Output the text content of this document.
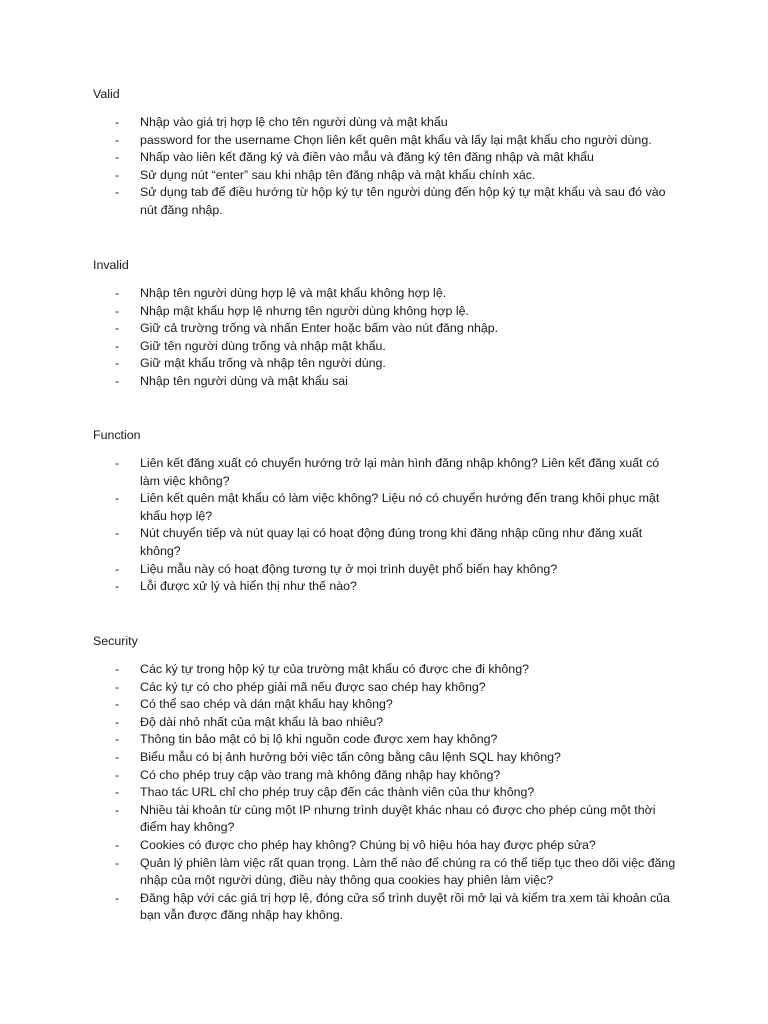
Valid
- Nhập vào giá trị hợp lệ cho tên người dùng và mật khẩu
- password for the username Chọn liên kết quên mật khẩu và lấy lại mật khẩu cho người dùng.
- Nhấp vào liên kết đăng ký và điền vào mẫu và đăng ký tên đăng nhập và mật khẩu
- Sử dụng nút “enter” sau khi nhập tên đăng nhập và mật khẩu chính xác.
- Sử dụng tab để điều hướng từ hộp ký tự tên người dùng đến hộp ký tự mật khẩu và sau đó vào nút đăng nhập.
Invalid
- Nhập tên người dùng hợp lệ và mật khẩu không hợp lệ.
- Nhập mật khẩu hợp lệ nhưng tên người dùng không hợp lệ.
- Giữ cả trường trống và nhấn Enter hoặc bấm vào nút đăng nhập.
- Giữ tên người dùng trống và nhập mật khẩu.
- Giữ mật khẩu trống và nhập tên người dùng.
- Nhập tên người dùng và mật khẩu sai
Function
- Liên kết đăng xuất có chuyển hướng trở lại màn hình đăng nhập không? Liên kết đăng xuất có làm việc không?
- Liên kết quên mật khẩu có làm việc không? Liệu nó có chuyển hướng đến trang khôi phục mật khẩu hợp lệ?
- Nút chuyển tiếp và nút quay lại có hoạt động đúng trong khi đăng nhập cũng như đăng xuất không?
- Liệu mẫu này có hoạt động tương tự ở mọi trình duyệt phổ biến hay không?
- Lỗi được xử lý và hiển thị như thế nào?
Security
- Các ký tự trong hộp ký tự của trường mật khẩu có được che đi không?
- Các ký tự có cho phép giải mã nếu được sao chép hay không?
- Có thể sao chép và dán mật khẩu hay không?
- Độ dài nhỏ nhất của mật khẩu là bao nhiêu?
- Thông tin bảo mật có bị lộ khi nguồn code được xem hay không?
- Biểu mẫu có bị ảnh hưởng bởi việc tấn công bằng câu lệnh SQL hay không?
- Có cho phép truy cập vào trang mà không đăng nhập hay không?
- Thao tác URL chỉ cho phép truy cập đến các thành viên của thư không?
- Nhiều tài khoản từ cùng một IP nhưng trình duyệt khác nhau có được cho phép cùng một thời điểm hay không?
- Cookies có được cho phép hay không? Chúng bị vô hiệu hóa hay được phép sửa?
- Quản lý phiên làm việc rất quan trọng. Làm thế nào để chúng ra có thể tiếp tục theo dõi việc đăng nhập của một người dùng, điều này thông qua cookies hay phiên làm việc?
- Đăng hập với các giá trị hợp lệ, đóng cửa sổ trình duyệt rồi mở lại và kiểm tra xem tài khoản của bạn vẫn được đăng nhập hay không.
